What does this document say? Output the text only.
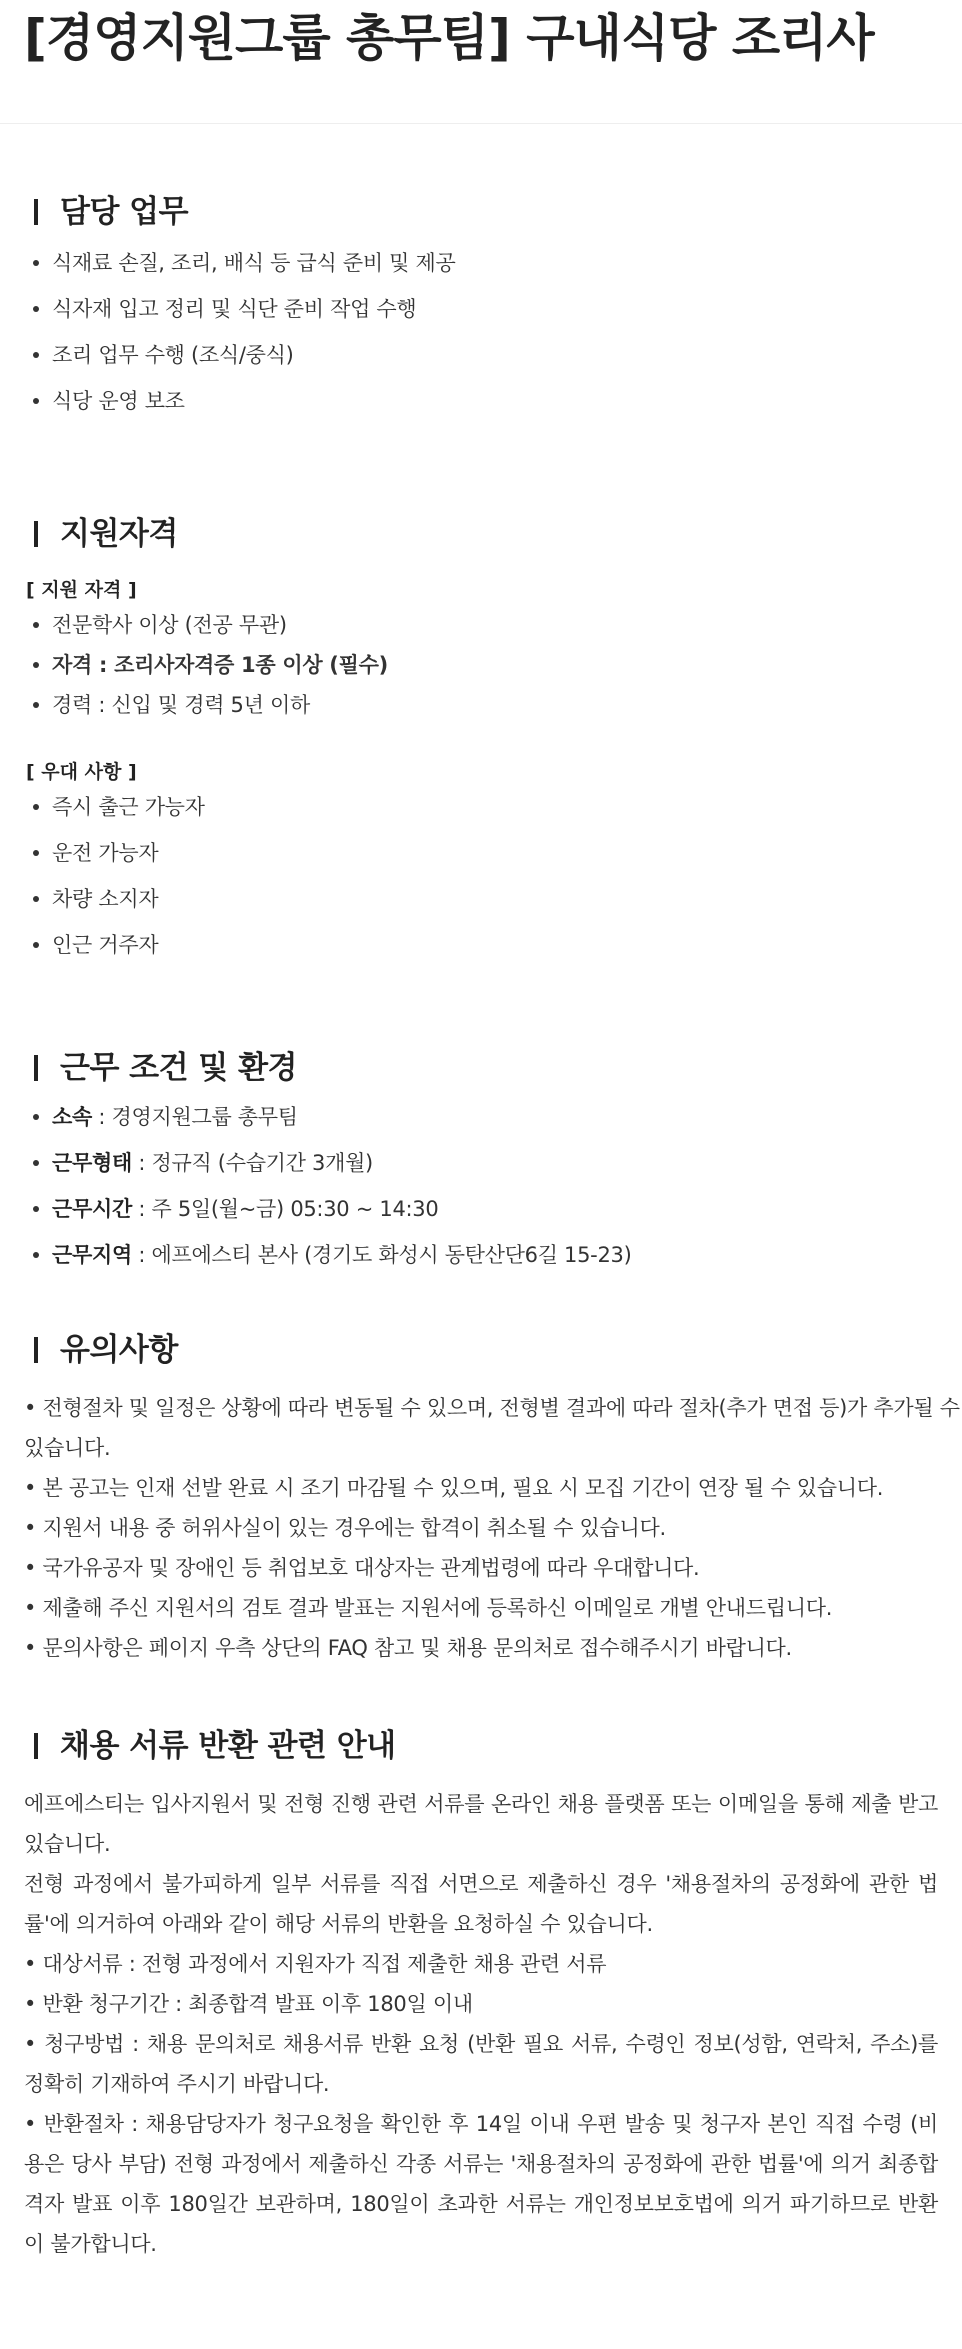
[경영지원그룹 총무팀] 구내식당 조리사
담당 업무
식재료 손질, 조리, 배식 등 급식 준비 및 제공
식자재 입고 정리 및 식단 준비 작업 수행
조리 업무 수행 (조식/중식)
식당 운영 보조
지원자격
[ 지원 자격 ]
전문학사 이상 (전공 무관)
자격 : 조리사자격증 1종 이상 (필수)
경력 : 신입 및 경력 5년 이하
[ 우대 사항 ]
즉시 출근 가능자
운전 가능자
차량 소지자
인근 거주자
근무 조건 및 환경
소속 : 경영지원그룹 총무팀
근무형태 : 정규직 (수습기간 3개월)
근무시간 : 주 5일(월~금) 05:30 ~ 14:30
근무지역 : 에프에스티 본사 (경기도 화성시 동탄산단6길 15-23)
유의사항

• 전형절차 및 일정은 상황에 따라 변동될 수 있으며, 전형별 결과에 따라 절차(추가 면접 등)가 추가될 수

있습니다.

• 본 공고는 인재 선발 완료 시 조기 마감될 수 있으며, 필요 시 모집 기간이 연장 될 수 있습니다.

• 지원서 내용 중 허위사실이 있는 경우에는 합격이 취소될 수 있습니다.

• 국가유공자 및 장애인 등 취업보호 대상자는 관계법령에 따라 우대합니다.

• 제출해 주신 지원서의 검토 결과 발표는 지원서에 등록하신 이메일로 개별 안내드립니다.

• 문의사항은 페이지 우측 상단의 FAQ 참고 및 채용 문의처로 접수해주시기 바랍니다.

채용 서류 반환 관련 안내

에프에스티는 입사지원서 및 전형 진행 관련 서류를 온라인 채용 플랫폼 또는 이메일을 통해 제출 받고 있습니다.

전형 과정에서 불가피하게 일부 서류를 직접 서면으로 제출하신 경우 '채용절차의 공정화에 관한 법률'에 의거하여 아래와 같이 해당 서류의 반환을 요청하실 수 있습니다.

• 대상서류 : 전형 과정에서 지원자가 직접 제출한 채용 관련 서류

• 반환 청구기간 : 최종합격 발표 이후 180일 이내

• 청구방법 : 채용 문의처로 채용서류 반환 요청 (반환 필요 서류, 수령인 정보(성함, 연락처, 주소)를 정확히 기재하여 주시기 바랍니다.

• 반환절차 : 채용담당자가 청구요청을 확인한 후 14일 이내 우편 발송 및 청구자 본인 직접 수령 (비용은 당사 부담) 전형 과정에서 제출하신 각종 서류는 '채용절차의 공정화에 관한 법률'에 의거 최종합격자 발표 이후 180일간 보관하며, 180일이 초과한 서류는 개인정보보호법에 의거 파기하므로 반환이 불가합니다.
